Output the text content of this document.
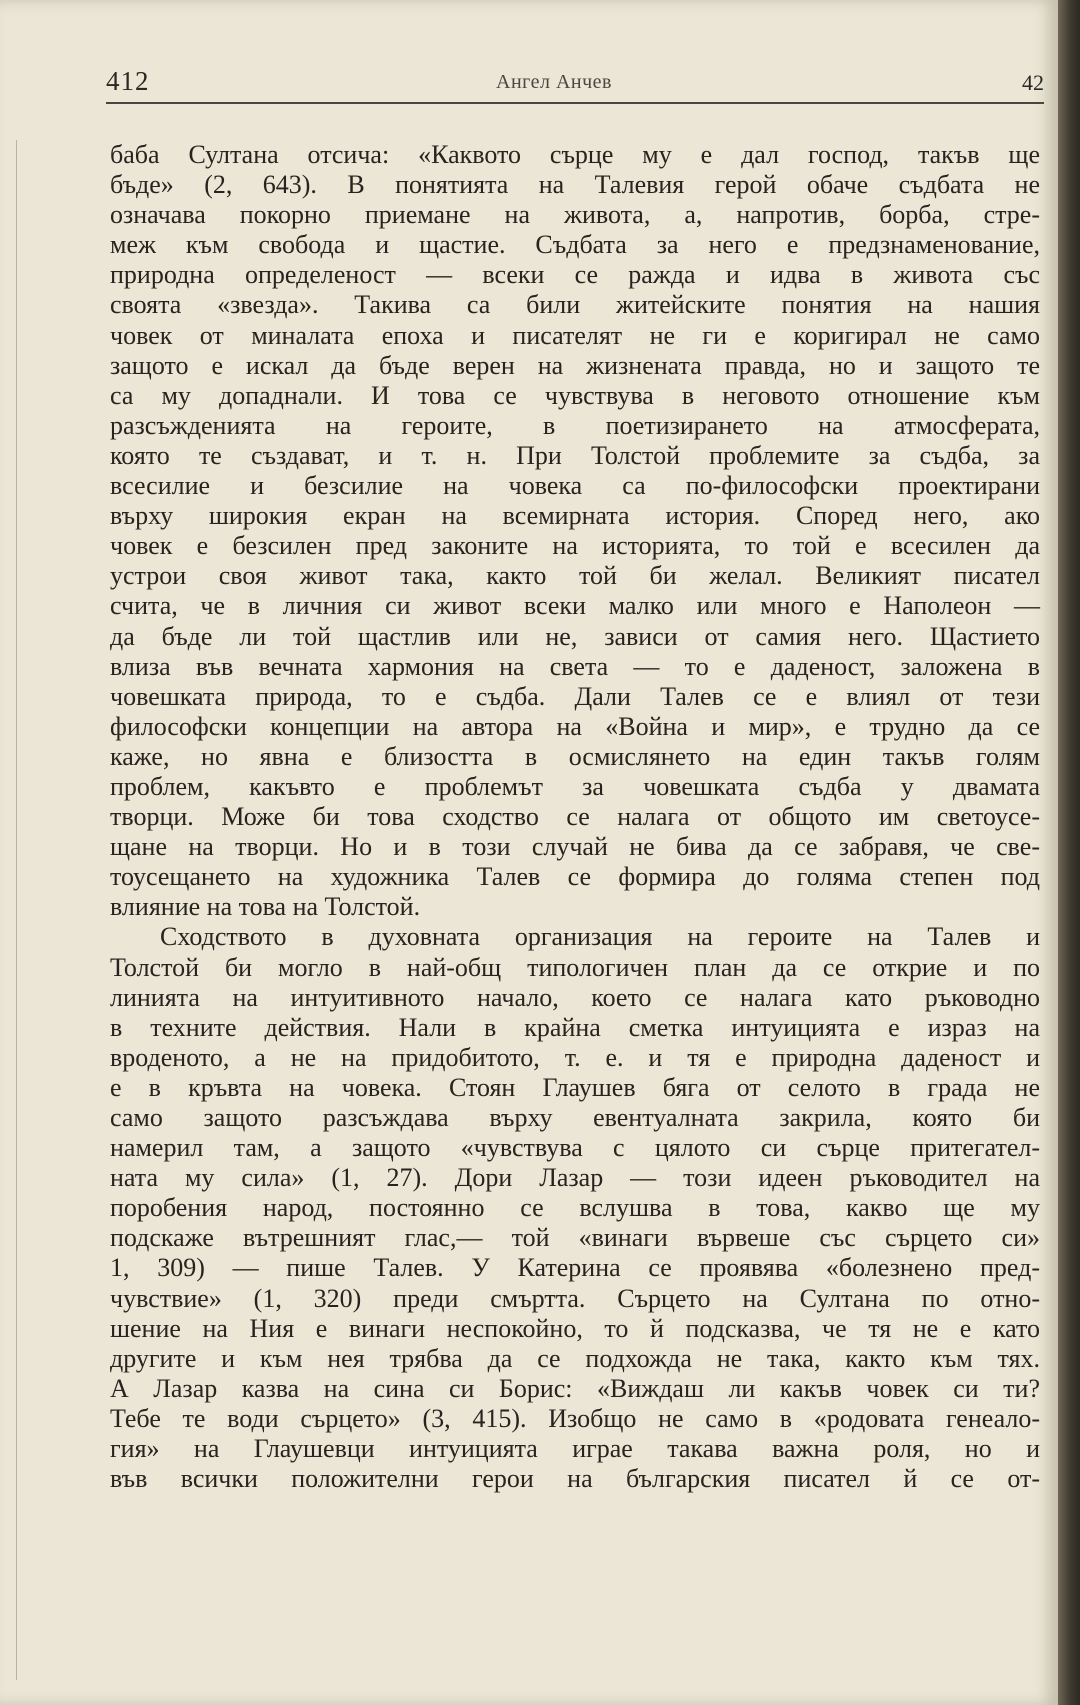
412	Ангел Анчев	42
баба Султана отсича: «Каквото сърце му е дал господ, такъв ще
бъде» (2, 643). В понятията на Талевия герой обаче съдбата не
означава покорно приемане на живота, а, напротив, борба, стре-
меж към свобода и щастие. Съдбата за него е предзнаменование,
природна определеност — всеки се ражда и идва в живота със
своята «звезда». Такива са били житейските понятия на нашия
човек от миналата епоха и писателят не ги е коригирал не само
защото е искал да бъде верен на жизнената правда, но и защото те
са му допаднали. И това се чувствува в неговото отношение към
разсъжденията на героите, в поетизирането на атмосферата,
която те създават, и т. н. При Толстой проблемите за съдба, за
всесилие и безсилие на човека са по-философски проектирани
върху широкия екран на всемирната история. Според него, ако
човек е безсилен пред законите на историята, то той е всесилен да
устрои своя живот така, както той би желал. Великият писател
счита, че в личния си живот всеки малко или много е Наполеон —
да бъде ли той щастлив или не, зависи от самия него. Щастието
влиза във вечната хармония на света — то е даденост, заложена в
човешката природа, то е съдба. Дали Талев се е влиял от тези
философски концепции на автора на «Война и мир», е трудно да се
каже, но явна е близостта в осмислянето на един такъв голям
проблем, какъвто е проблемът за човешката съдба у двамата
творци. Може би това сходство се налага от общото им светоусе-
щане на творци. Но и в този случай не бива да се забравя, че све-
тоусещането на художника Талев се формира до голяма степен под
влияние на това на Толстой.
Сходството в духовната организация на героите на Талев и
Толстой би могло в най-общ типологичен план да се открие и по
линията на интуитивното начало, което се налага като ръководно
в техните действия. Нали в крайна сметка интуицията е израз на
вроденото, а не на придобитото, т. е. и тя е природна даденост и
е в кръвта на човека. Стоян Глаушев бяга от селото в града не
само защото разсъждава върху евентуалната закрила, която би
намерил там, а защото «чувствува с цялото си сърце притегател-
ната му сила» (1, 27). Дори Лазар — този идеен ръководител на
поробения народ, постоянно се вслушва в това, какво ще му
подскаже вътрешният глас,— той «винаги вървеше със сърцето си»
1, 309) — пише Талев. У Катерина се проявява «болезнено пред-
чувствие» (1, 320) преди смъртта. Сърцето на Султана по отно-
шение на Ния е винаги неспокойно, то й подсказва, че тя не е като
другите и към нея трябва да се подхожда не така, както към тях.
А Лазар казва на сина си Борис: «Виждаш ли какъв човек си ти?
Тебе те води сърцето» (3, 415). Изобщо не само в «родовата генеало-
гия» на Глаушевци интуицията играе такава важна роля, но и
във всички положителни герои на българския писател й се от-
